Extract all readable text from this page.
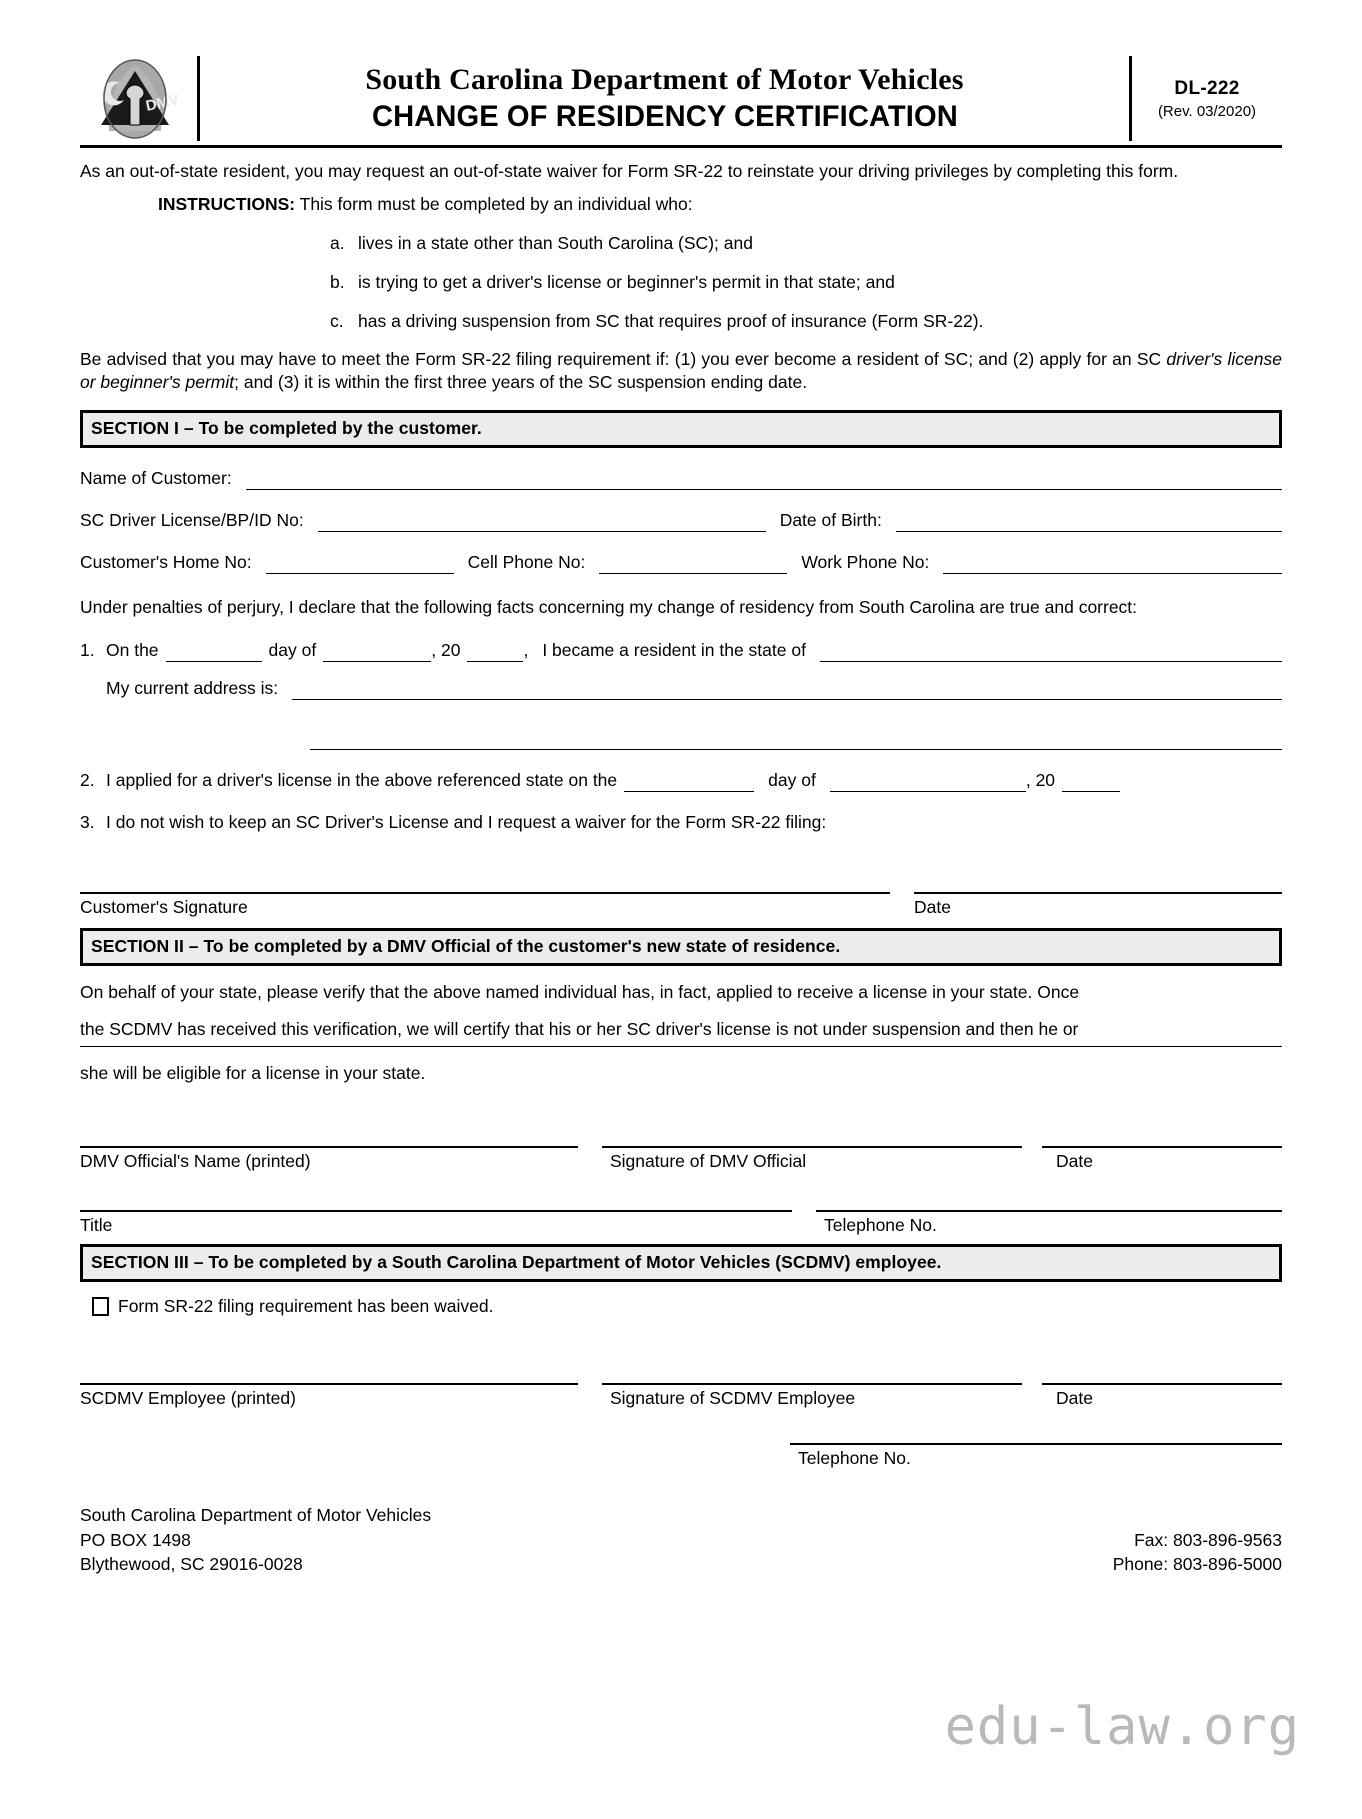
DMV
South Carolina Department of Motor Vehicles
CHANGE OF RESIDENCY CERTIFICATION
DL-222
(Rev. 03/2020)
As an out-of-state resident, you may request an out-of-state waiver for Form SR-22 to reinstate your driving privileges by completing this form.
INSTRUCTIONS: This form must be completed by an individual who:
a. lives in a state other than South Carolina (SC); and
b. is trying to get a driver's license or beginner's permit in that state; and
c. has a driving suspension from SC that requires proof of insurance (Form SR-22).
Be advised that you may have to meet the Form SR-22 filing requirement if: (1) you ever become a resident of SC; and (2) apply for an SC driver's license or beginner's permit; and (3) it is within the first three years of the SC suspension ending date.
SECTION I – To be completed by the customer.
Name of Customer:
SC Driver License/BP/ID No:	Date of Birth:
Customer's Home No:	Cell Phone No:	Work Phone No:
Under penalties of perjury, I declare that the following facts concerning my change of residency from South Carolina are true and correct:
1. On the	day of	, 20	, I became a resident in the state of
My current address is:
2. I applied for a driver's license in the above referenced state on the	day of	, 20
3. I do not wish to keep an SC Driver's License and I request a waiver for the Form SR-22 filing:
Customer's Signature	Date
SECTION II – To be completed by a DMV Official of the customer's new state of residence.
On behalf of your state, please verify that the above named individual has, in fact, applied to receive a license in your state. Once
the SCDMV has received this verification, we will certify that his or her SC driver's license is not under suspension and then he or
she will be eligible for a license in your state.
DMV Official's Name (printed)	Signature of DMV Official	Date
Title	Telephone No.
SECTION III – To be completed by a South Carolina Department of Motor Vehicles (SCDMV) employee.
Form SR-22 filing requirement has been waived.
SCDMV Employee (printed)	Signature of SCDMV Employee	Date
Telephone No.
South Carolina Department of Motor Vehicles
PO BOX 1498
Blythewood, SC 29016-0028
Fax: 803-896-9563
Phone: 803-896-5000
edu-law.org
